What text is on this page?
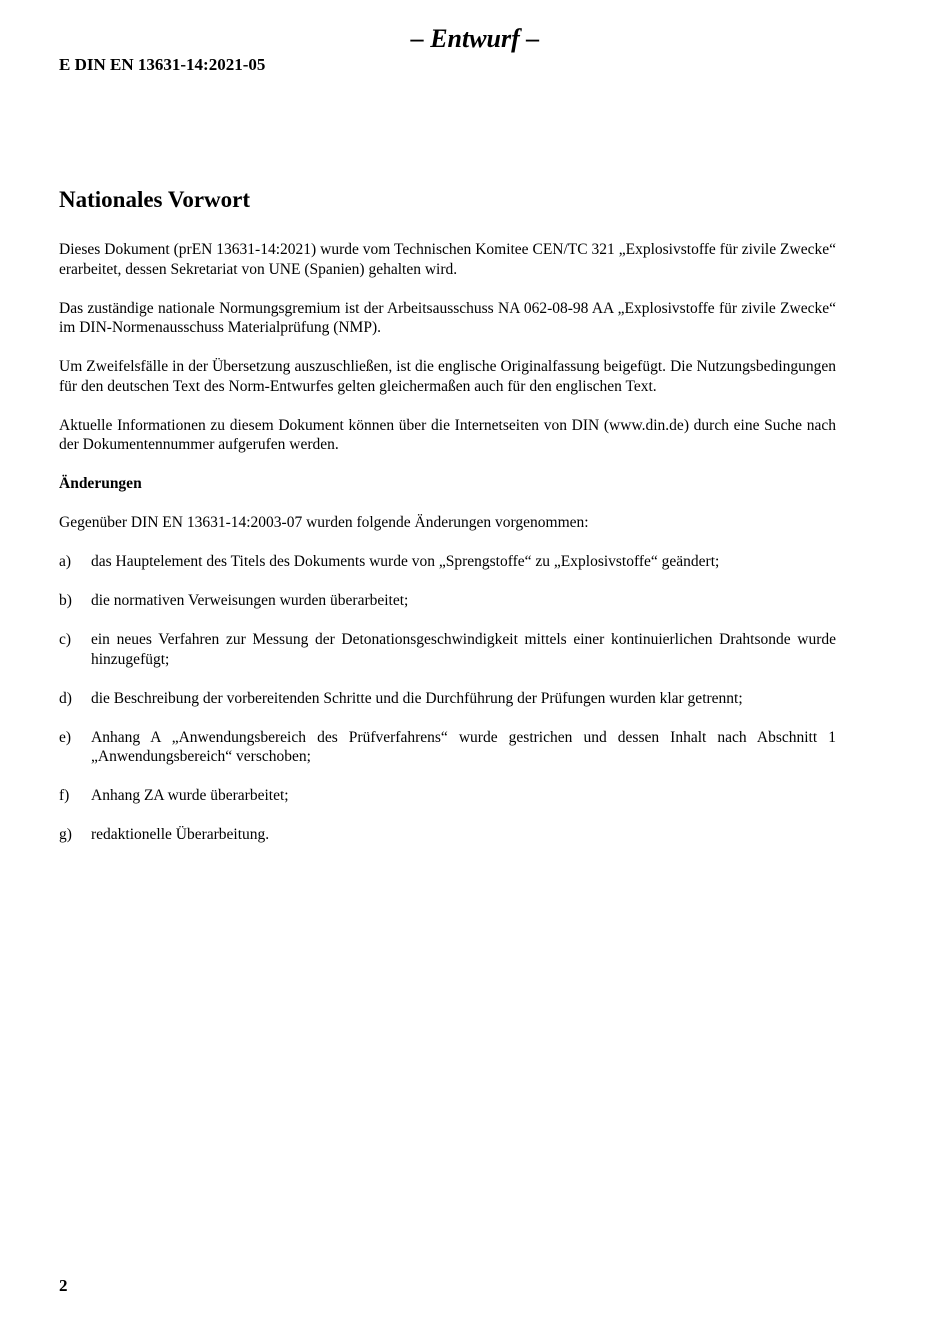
– Entwurf –
E DIN EN 13631-14:2021-05
Nationales Vorwort

Dieses Dokument (prEN 13631-14:2021) wurde vom Technischen Komitee CEN/TC 321 „Explosivstoffe für zivile Zwecke“ erarbeitet, dessen Sekretariat von UNE (Spanien) gehalten wird.

Das zuständige nationale Normungsgremium ist der Arbeitsausschuss NA 062-08-98 AA „Explosivstoffe für zivile Zwecke“ im DIN-Normenausschuss Materialprüfung (NMP).

Um Zweifelsfälle in der Übersetzung auszuschließen, ist die englische Originalfassung beigefügt. Die Nutzungsbedingungen für den deutschen Text des Norm-Entwurfes gelten gleichermaßen auch für den englischen Text.

Aktuelle Informationen zu diesem Dokument können über die Internetseiten von DIN (www.din.de) durch eine Suche nach der Dokumentennummer aufgerufen werden.

Änderungen

Gegenüber DIN EN 13631-14:2003-07 wurden folgende Änderungen vorgenommen:

a)	das Hauptelement des Titels des Dokuments wurde von „Sprengstoffe“ zu „Explosivstoffe“ geändert;
b)	die normativen Verweisungen wurden überarbeitet;
c)	ein neues Verfahren zur Messung der Detonationsgeschwindigkeit mittels einer kontinuierlichen Drahtsonde wurde hinzugefügt;
d)	die Beschreibung der vorbereitenden Schritte und die Durchführung der Prüfungen wurden klar getrennt;
e)	Anhang A „Anwendungsbereich des Prüfverfahrens“ wurde gestrichen und dessen Inhalt nach Abschnitt 1 „Anwendungsbereich“ verschoben;
f)	Anhang ZA wurde überarbeitet;
g)	redaktionelle Überarbeitung.
2
